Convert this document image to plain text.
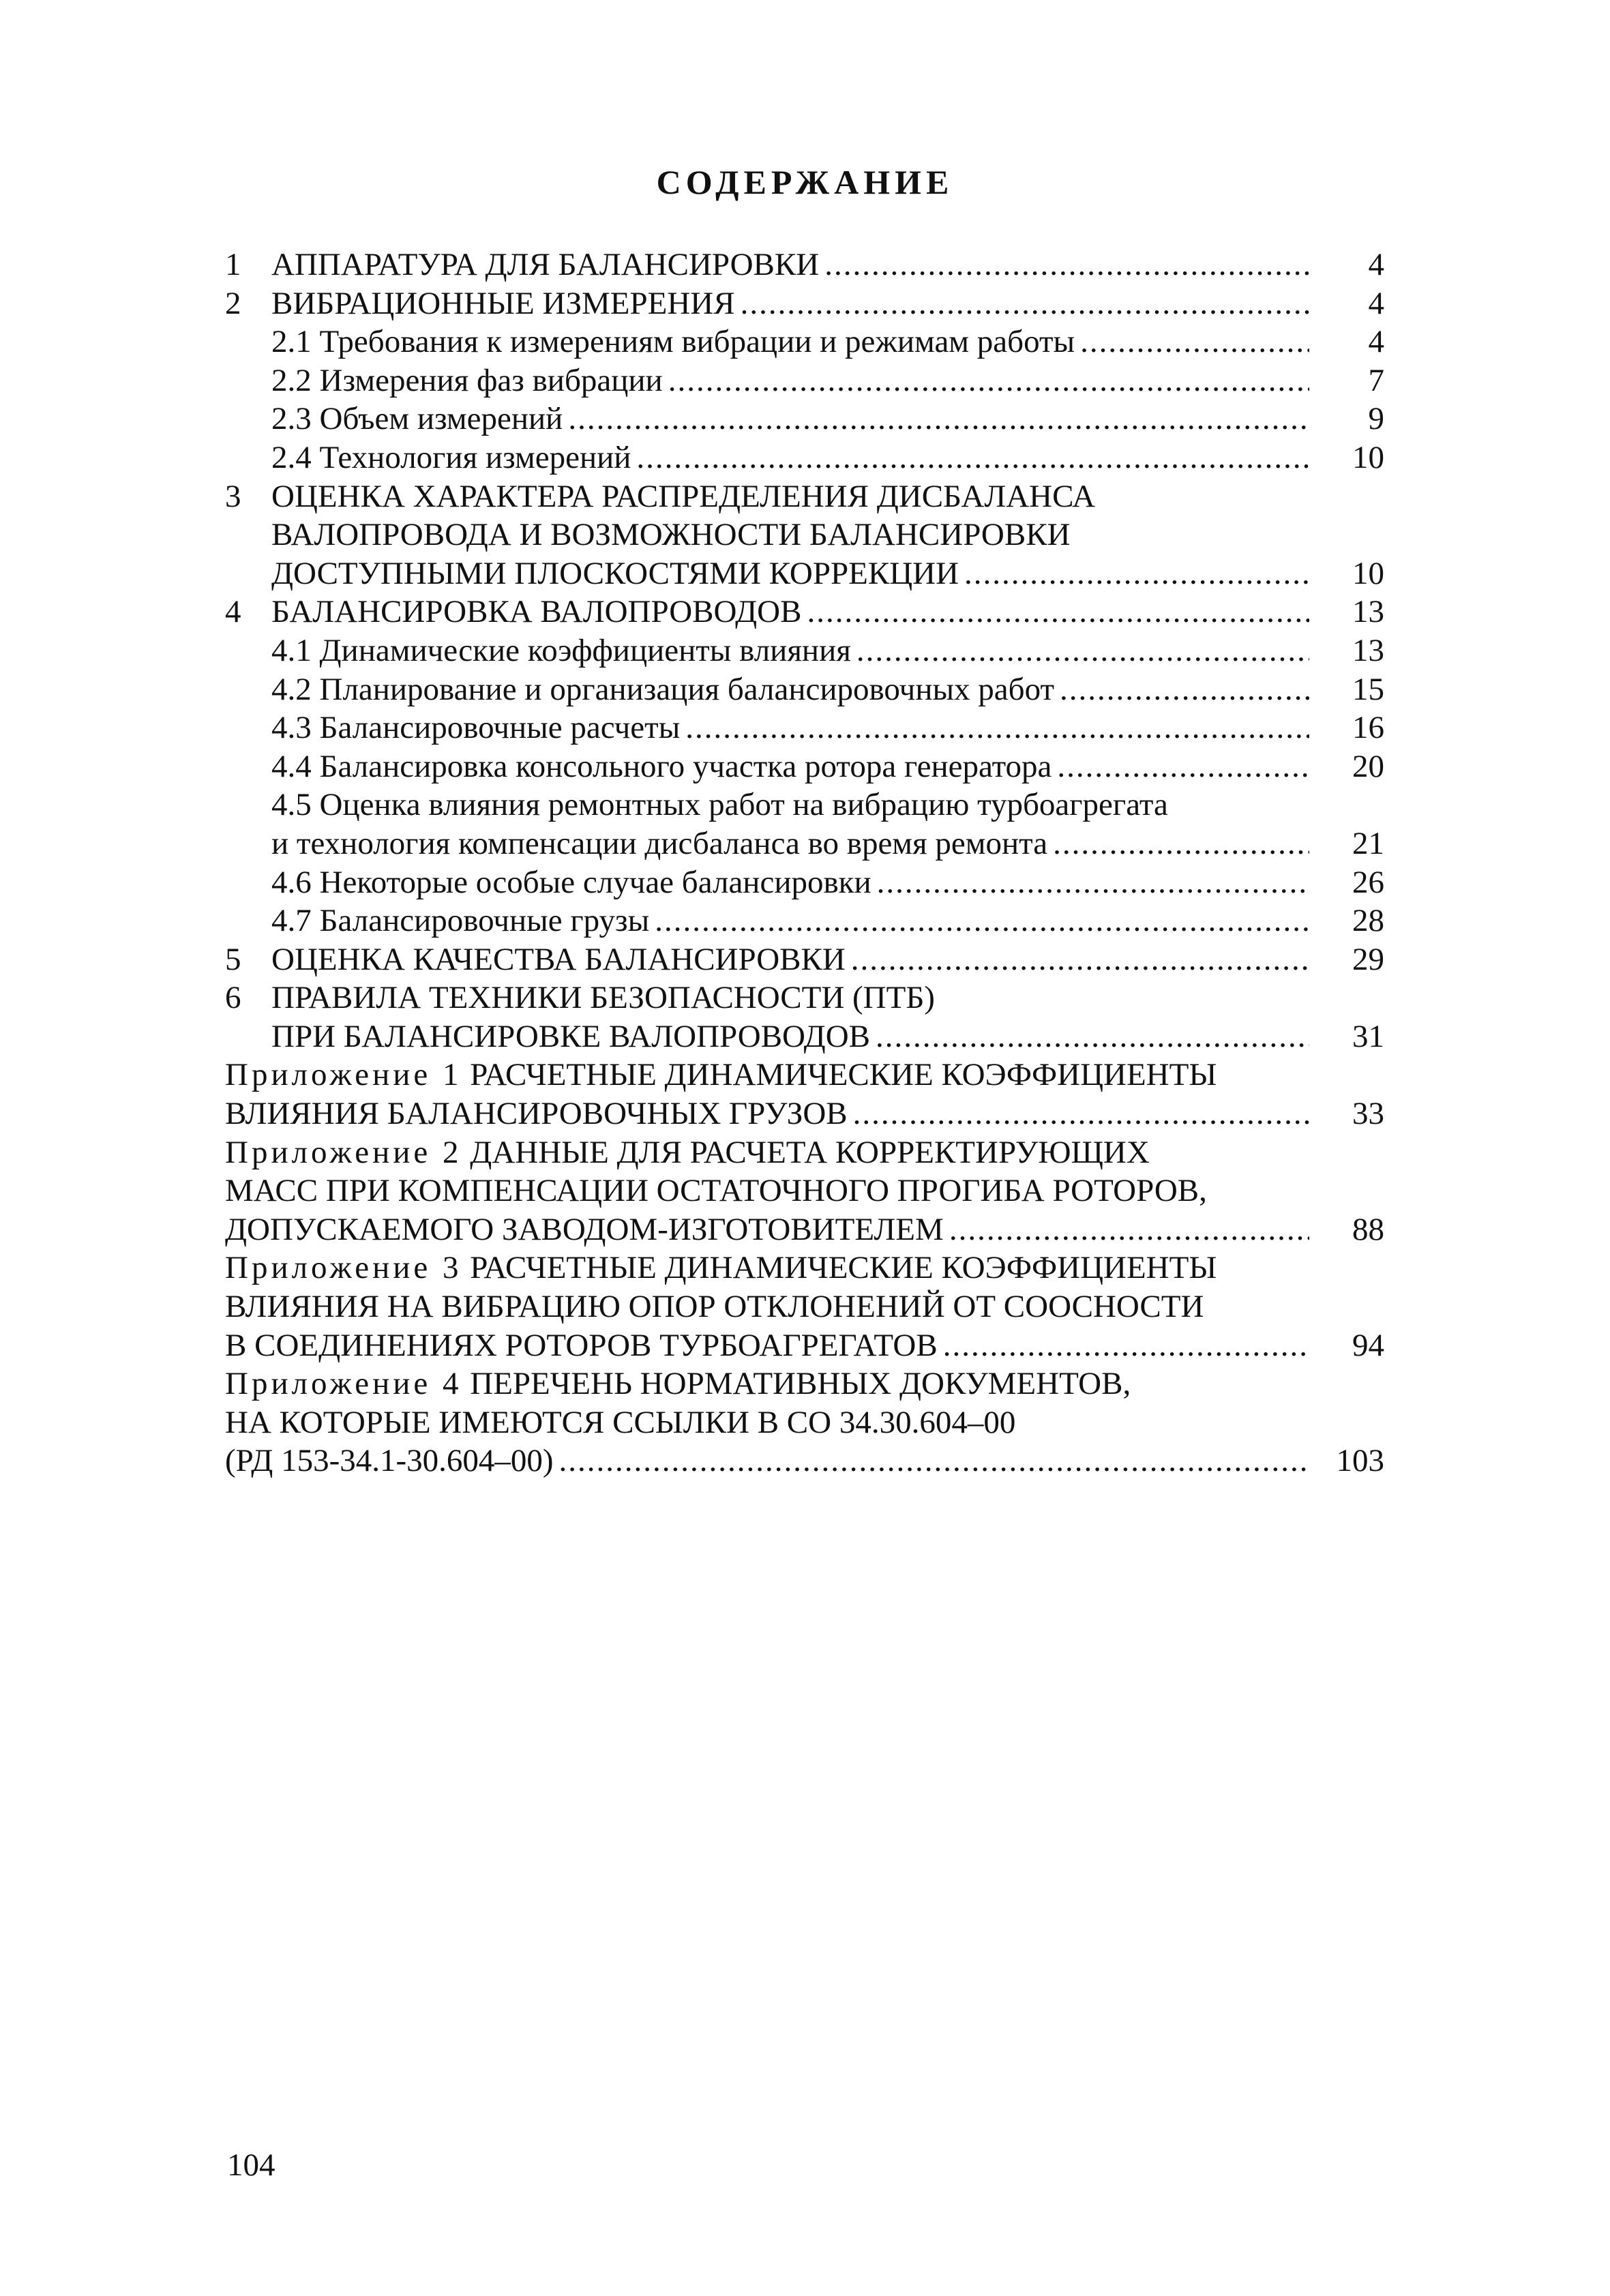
СОДЕРЖАНИЕ
1 АППАРАТУРА ДЛЯ БАЛАНСИРОВКИ .....	4
2 ВИБРАЦИОННЫЕ ИЗМЕРЕНИЯ .....	4
2.1 Требования к измерениям вибрации и режимам работы .....	4
2.2 Измерения фаз вибрации .....	7
2.3 Объем измерений .....	9
2.4 Технология измерений .....	10
3 ОЦЕНКА ХАРАКТЕРА РАСПРЕДЕЛЕНИЯ ДИСБАЛАНСА
ВАЛОПРОВОДА И ВОЗМОЖНОСТИ БАЛАНСИРОВКИ
ДОСТУПНЫМИ ПЛОСКОСТЯМИ КОРРЕКЦИИ .....	10
4 БАЛАНСИРОВКА ВАЛОПРОВОДОВ .....	13
4.1 Динамические коэффициенты влияния .....	13
4.2 Планирование и организация балансировочных работ .....	15
4.3 Балансировочные расчеты .....	16
4.4 Балансировка консольного участка ротора генератора .....	20
4.5 Оценка влияния ремонтных работ на вибрацию турбоагрегата
и технология компенсации дисбаланса во время ремонта .....	21
4.6 Некоторые особые случае балансировки .....	26
4.7 Балансировочные грузы .....	28
5 ОЦЕНКА КАЧЕСТВА БАЛАНСИРОВКИ .....	29
6 ПРАВИЛА ТЕХНИКИ БЕЗОПАСНОСТИ (ПТБ)
ПРИ БАЛАНСИРОВКЕ ВАЛОПРОВОДОВ .....	31
Приложение 1 РАСЧЕТНЫЕ ДИНАМИЧЕСКИЕ КОЭФФИЦИЕНТЫ
ВЛИЯНИЯ БАЛАНСИРОВОЧНЫХ ГРУЗОВ .....	33
Приложение 2 ДАННЫЕ ДЛЯ РАСЧЕТА КОРРЕКТИРУЮЩИХ
МАСС ПРИ КОМПЕНСАЦИИ ОСТАТОЧНОГО ПРОГИБА РОТОРОВ,
ДОПУСКАЕМОГО ЗАВОДОМ-ИЗГОТОВИТЕЛЕМ .....	88
Приложение 3 РАСЧЕТНЫЕ ДИНАМИЧЕСКИЕ КОЭФФИЦИЕНТЫ
ВЛИЯНИЯ НА ВИБРАЦИЮ ОПОР ОТКЛОНЕНИЙ ОТ СООСНОСТИ
В СОЕДИНЕНИЯХ РОТОРОВ ТУРБОАГРЕГАТОВ .....	94
Приложение 4 ПЕРЕЧЕНЬ НОРМАТИВНЫХ ДОКУМЕНТОВ,
НА КОТОРЫЕ ИМЕЮТСЯ ССЫЛКИ В СО 34.30.604–00
(РД 153-34.1-30.604–00) .....	103
104
